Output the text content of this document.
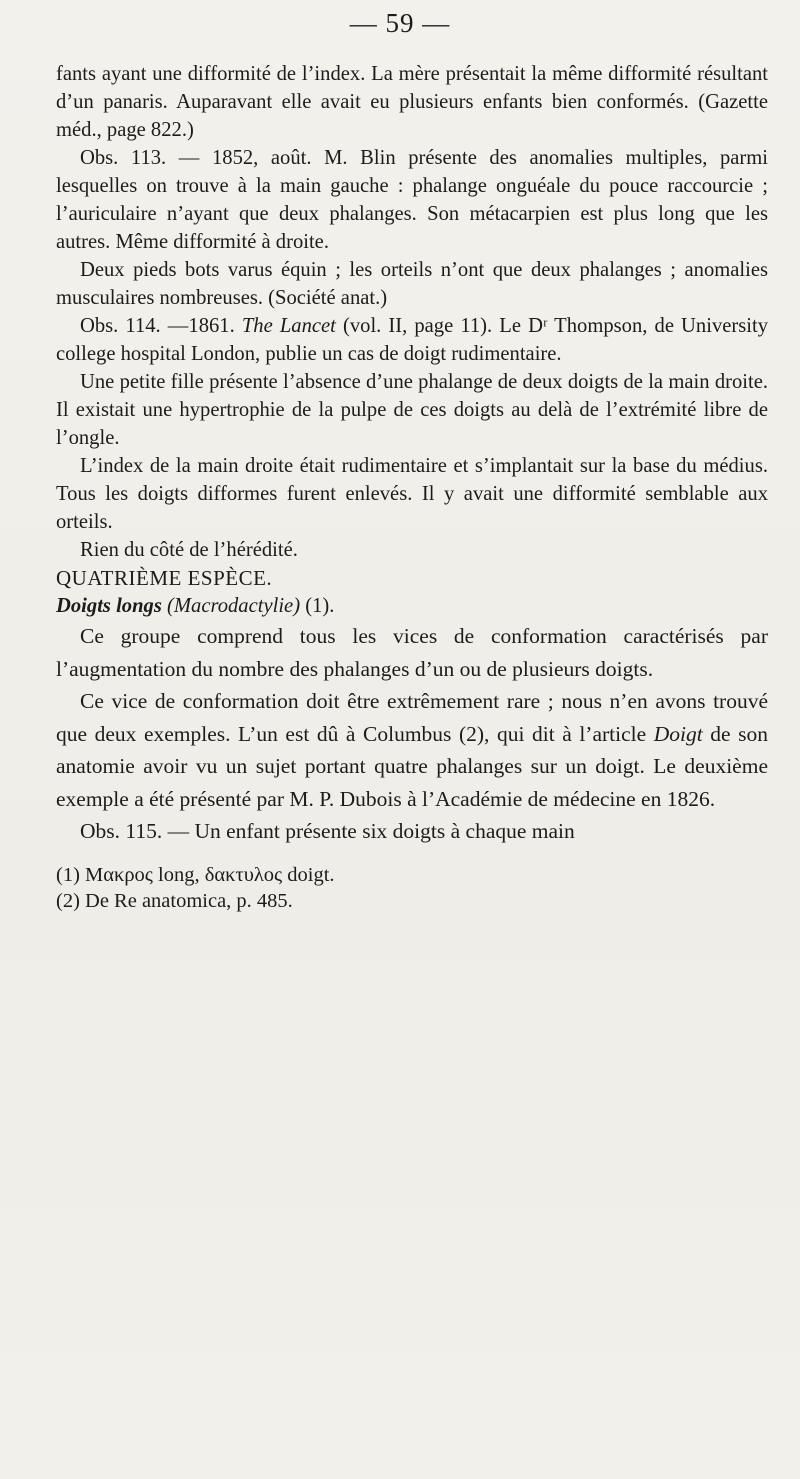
— 59 —

fants ayant une difformité de l’index. La mère présentait la même difformité résultant d’un panaris. Auparavant elle avait eu plusieurs enfants bien conformés. (Gazette méd., page 822.)

Obs. 113. — 1852, août. M. Blin présente des anomalies multiples, parmi lesquelles on trouve à la main gauche : phalange onguéale du pouce raccourcie ; l’auriculaire n’ayant que deux phalanges. Son métacarpien est plus long que les autres. Même difformité à droite.

Deux pieds bots varus équin ; les orteils n’ont que deux phalanges ; anomalies musculaires nombreuses. (Société anat.)

Obs. 114. —1861. The Lancet (vol. II, page 11). Le Dʳ Thompson, de University college hospital London, publie un cas de doigt rudimentaire.

Une petite fille présente l’absence d’une phalange de deux doigts de la main droite. Il existait une hypertrophie de la pulpe de ces doigts au delà de l’extrémité libre de l’ongle.

L’index de la main droite était rudimentaire et s’implantait sur la base du médius. Tous les doigts difformes furent enlevés. Il y avait une difformité semblable aux orteils.

Rien du côté de l’hérédité.

QUATRIÈME ESPÈCE.

Doigts longs (Macrodactylie) (1).

Ce groupe comprend tous les vices de conformation caractérisés par l’augmentation du nombre des phalanges d’un ou de plusieurs doigts.

Ce vice de conformation doit être extrêmement rare ; nous n’en avons trouvé que deux exemples. L’un est dû à Columbus (2), qui dit à l’article Doigt de son anatomie avoir vu un sujet portant quatre phalanges sur un doigt. Le deuxième exemple a été présenté par M. P. Dubois à l’Académie de médecine en 1826.

Obs. 115. — Un enfant présente six doigts à chaque main

(1) Μακρος long, δακτυλος doigt.

(2) De Re anatomica, p. 485.
